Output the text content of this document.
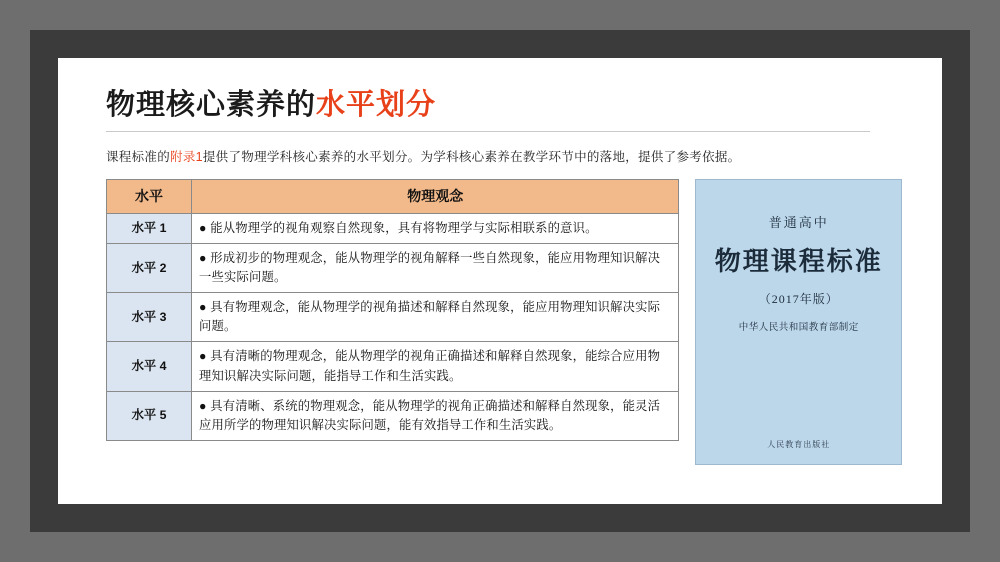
物理核心素养的水平划分
课程标准的附录1提供了物理学科核心素养的水平划分。为学科核心素养在教学环节中的落地，提供了参考依据。
水平	物理观念
水平 1	● 能从物理学的视角观察自然现象，具有将物理学与实际相联系的意识。
水平 2	● 形成初步的物理观念，能从物理学的视角解释一些自然现象，能应用物理知识解决一些实际问题。
水平 3	● 具有物理观念，能从物理学的视角描述和解释自然现象，能应用物理知识解决实际问题。
水平 4	● 具有清晰的物理观念，能从物理学的视角正确描述和解释自然现象，能综合应用物理知识解决实际问题，能指导工作和生活实践。
水平 5	● 具有清晰、系统的物理观念，能从物理学的视角正确描述和解释自然现象，能灵活应用所学的物理知识解决实际问题，能有效指导工作和生活实践。
普通高中
物理课程标准
（2017年版）
中华人民共和国教育部制定
人民教育出版社
